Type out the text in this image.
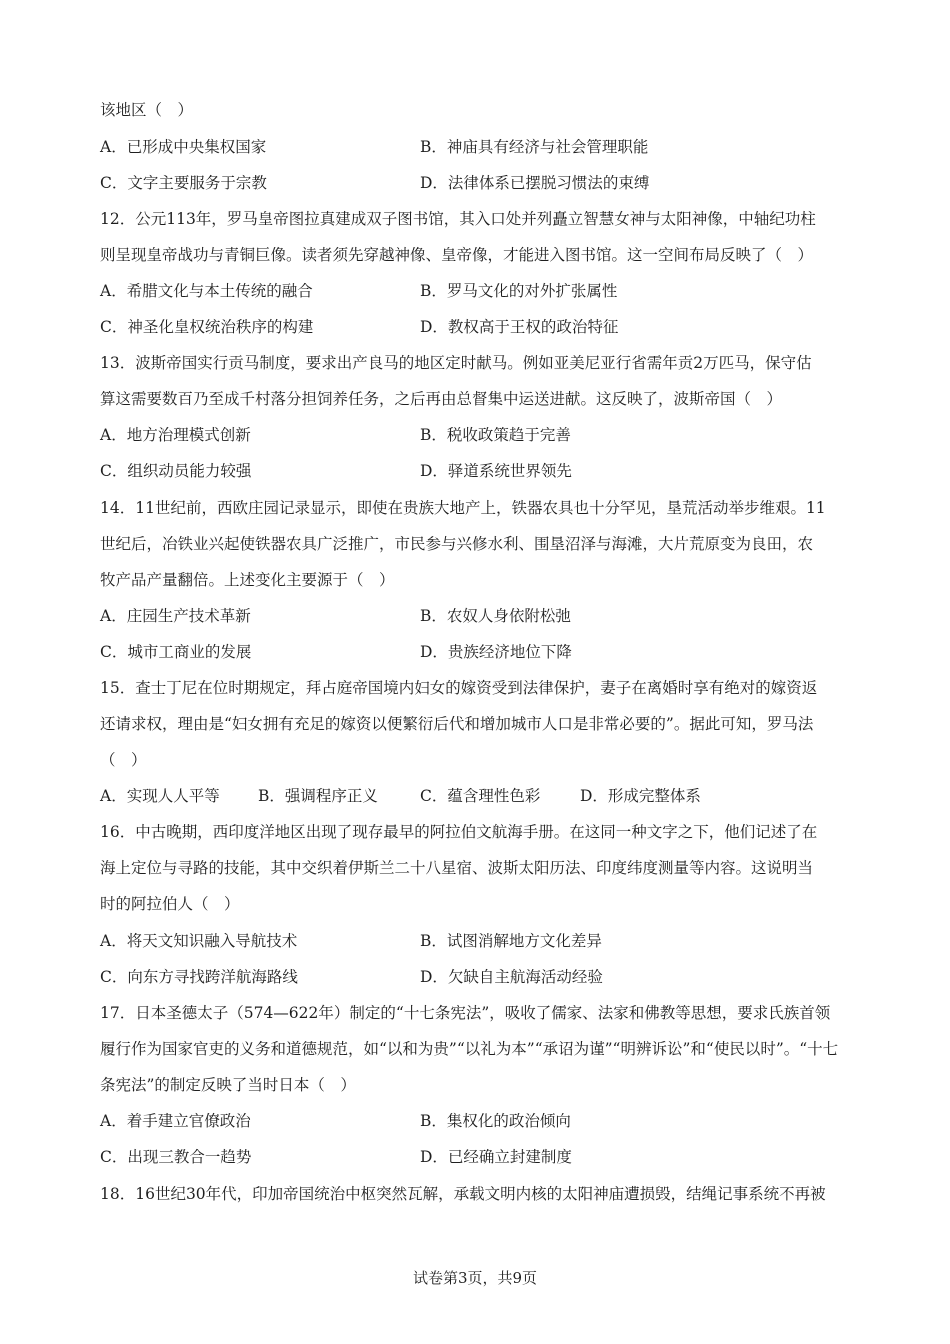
该地区（　）
A．已形成中央集权国家	B．神庙具有经济与社会管理职能
C．文字主要服务于宗教	D．法律体系已摆脱习惯法的束缚
12．公元113年，罗马皇帝图拉真建成双子图书馆，其入口处并列矗立智慧女神与太阳神像，中轴纪功柱
则呈现皇帝战功与青铜巨像。读者须先穿越神像、皇帝像，才能进入图书馆。这一空间布局反映了（　）
A．希腊文化与本土传统的融合	B．罗马文化的对外扩张属性
C．神圣化皇权统治秩序的构建	D．教权高于王权的政治特征
13．波斯帝国实行贡马制度，要求出产良马的地区定时献马。例如亚美尼亚行省需年贡2万匹马，保守估
算这需要数百乃至成千村落分担饲养任务，之后再由总督集中运送进献。这反映了，波斯帝国（　）
A．地方治理模式创新	B．税收政策趋于完善
C．组织动员能力较强	D．驿道系统世界领先
14．11世纪前，西欧庄园记录显示，即使在贵族大地产上，铁器农具也十分罕见，垦荒活动举步维艰。11
世纪后，冶铁业兴起使铁器农具广泛推广，市民参与兴修水利、围垦沼泽与海滩，大片荒原变为良田，农
牧产品产量翻倍。上述变化主要源于（　）
A．庄园生产技术革新	B．农奴人身依附松弛
C．城市工商业的发展	D．贵族经济地位下降
15．查士丁尼在位时期规定，拜占庭帝国境内妇女的嫁资受到法律保护，妻子在离婚时享有绝对的嫁资返
还请求权，理由是“妇女拥有充足的嫁资以便繁衍后代和增加城市人口是非常必要的”。据此可知，罗马法
（　）
A．实现人人平等 B．强调程序正义	C．蕴含理性色彩	D．形成完整体系
16．中古晚期，西印度洋地区出现了现存最早的阿拉伯文航海手册。在这同一种文字之下，他们记述了在
海上定位与寻路的技能，其中交织着伊斯兰二十八星宿、波斯太阳历法、印度纬度测量等内容。这说明当
时的阿拉伯人（　）
A．将天文知识融入导航技术	B．试图消解地方文化差异
C．向东方寻找跨洋航海路线	D．欠缺自主航海活动经验
17．日本圣德太子（574—622年）制定的“十七条宪法”，吸收了儒家、法家和佛教等思想，要求氏族首领
履行作为国家官吏的义务和道德规范，如“以和为贵”“以礼为本”“承诏为谨”“明辨诉讼”和“使民以时”。“十七
条宪法”的制定反映了当时日本（　）
A．着手建立官僚政治	B．集权化的政治倾向
C．出现三教合一趋势	D．已经确立封建制度
18．16世纪30年代，印加帝国统治中枢突然瓦解，承载文明内核的太阳神庙遭损毁，结绳记事系统不再被
试卷第3页，共9页
